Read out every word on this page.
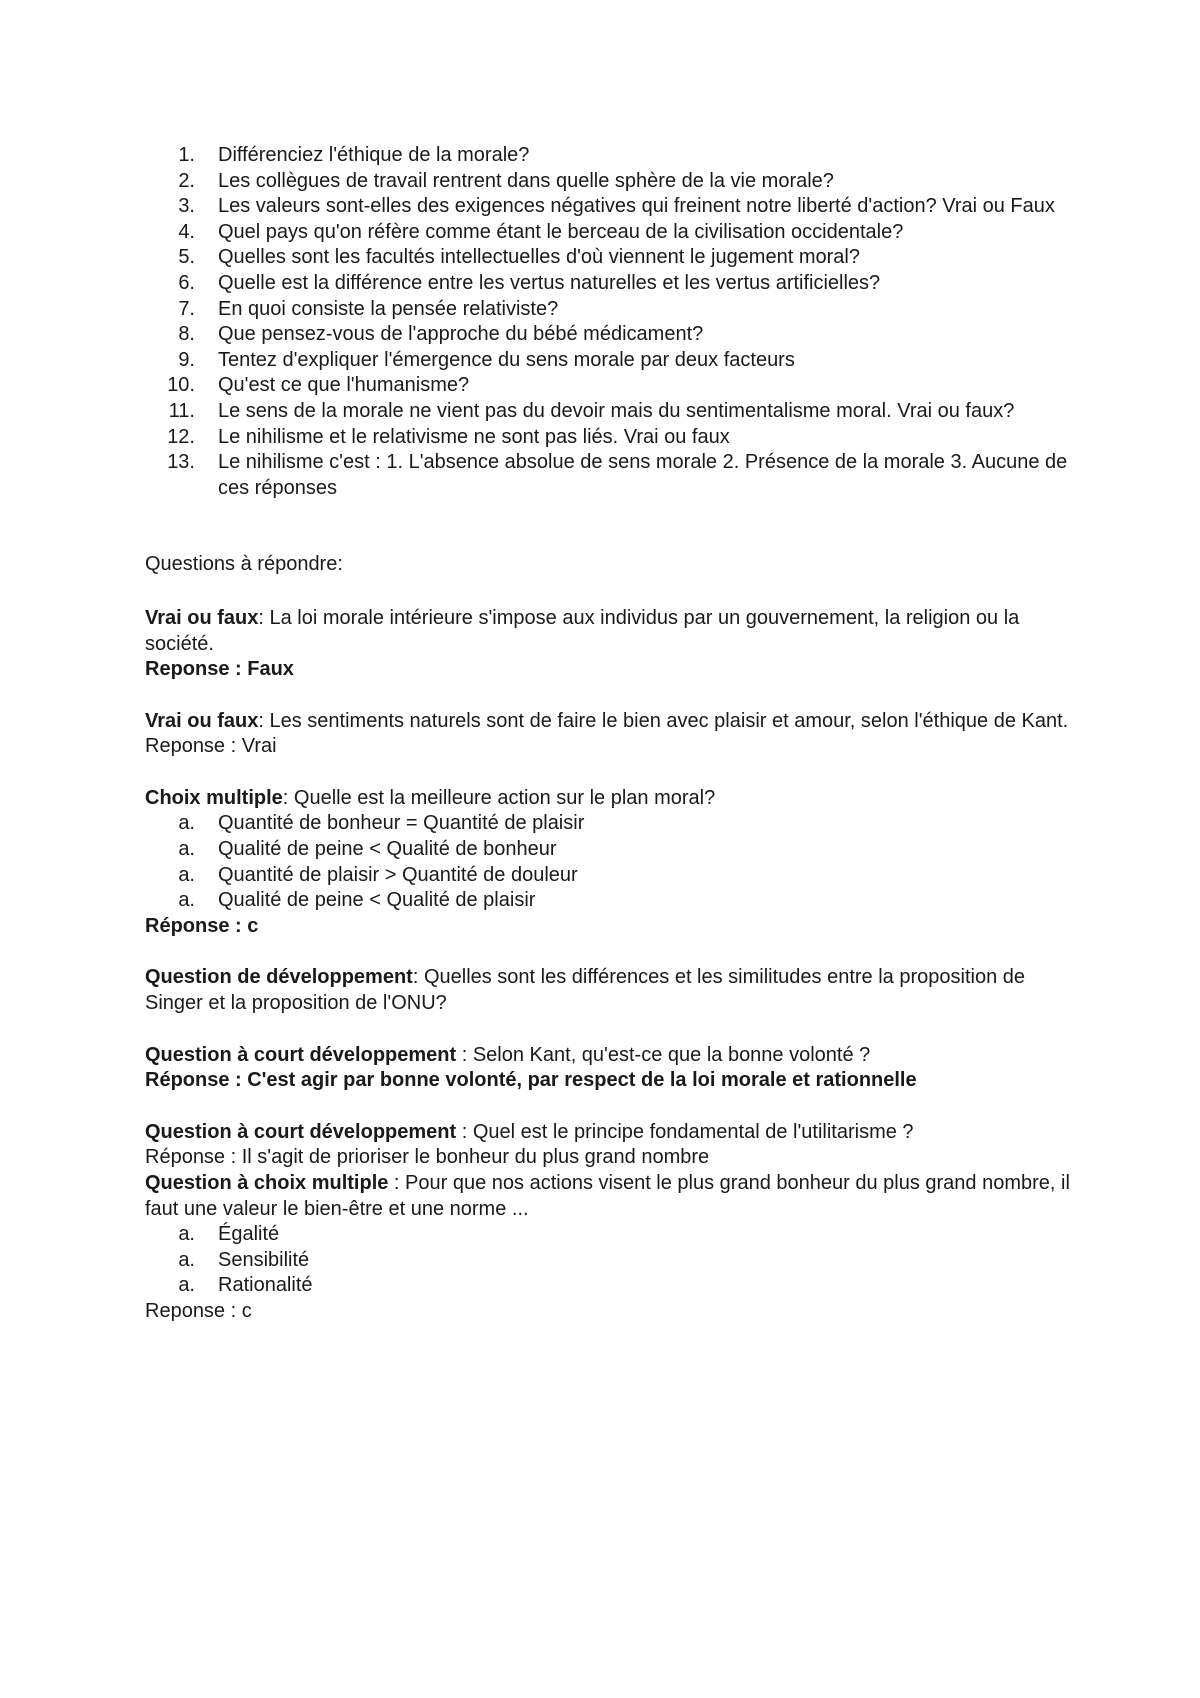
1. Différenciez l'éthique de la morale?
2. Les collègues de travail rentrent dans quelle sphère de la vie morale?
3. Les valeurs sont-elles des exigences négatives qui freinent notre liberté d'action? Vrai ou Faux
4. Quel pays qu'on réfère comme étant le berceau de la civilisation occidentale?
5. Quelles sont les facultés intellectuelles d'où viennent le jugement moral?
6. Quelle est la différence entre les vertus naturelles et les vertus artificielles?
7. En quoi consiste la pensée relativiste?
8. Que pensez-vous de l'approche du bébé médicament?
9. Tentez d'expliquer l'émergence du sens morale par deux facteurs
10. Qu'est ce que l'humanisme?
11. Le sens de la morale ne vient pas du devoir mais du sentimentalisme moral. Vrai ou faux?
12. Le nihilisme et le relativisme ne sont pas liés. Vrai ou faux
13. Le nihilisme c'est : 1. L'absence absolue de sens morale 2. Présence de la morale 3. Aucune de ces réponses

Questions à répondre:

Vrai ou faux: La loi morale intérieure s'impose aux individus par un gouvernement, la religion ou la société.

Reponse : Faux

Vrai ou faux: Les sentiments naturels sont de faire le bien avec plaisir et amour, selon l'éthique de Kant.

Reponse : Vrai

Choix multiple: Quelle est la meilleure action sur le plan moral?

a. Quantité de bonheur = Quantité de plaisir
a. Qualité de peine < Qualité de bonheur
a. Quantité de plaisir > Quantité de douleur
a. Qualité de peine < Qualité de plaisir

Réponse : c

Question de développement: Quelles sont les différences et les similitudes entre la proposition de Singer et la proposition de l'ONU?

Question à court développement : Selon Kant, qu'est-ce que la bonne volonté ?

Réponse : C'est agir par bonne volonté, par respect de la loi morale et rationnelle

Question à court développement : Quel est le principe fondamental de l'utilitarisme ?

Réponse : Il s'agit de prioriser le bonheur du plus grand nombre

Question à choix multiple : Pour que nos actions visent le plus grand bonheur du plus grand nombre, il faut une valeur le bien-être et une norme ...

a. Égalité
a. Sensibilité
a. Rationalité

Reponse : c
